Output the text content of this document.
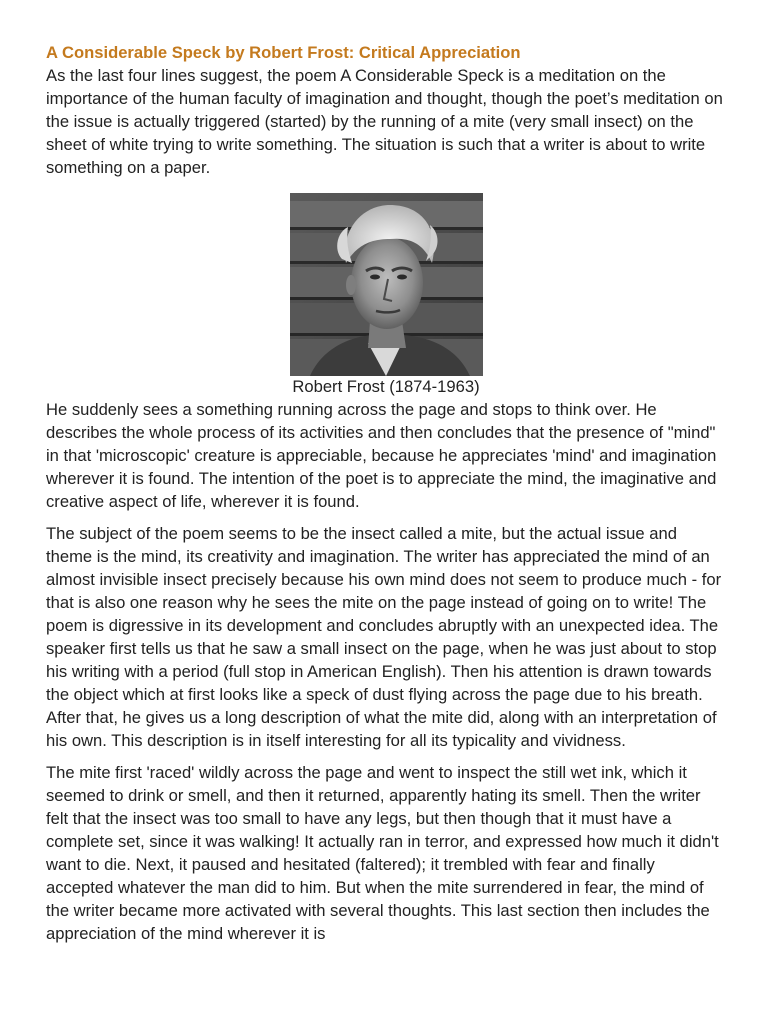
A Considerable Speck by Robert Frost: Critical Appreciation

As the last four lines suggest, the poem A Considerable Speck is a meditation on the importance of the human faculty of imagination and thought, though the poet’s meditation on the issue is actually triggered (started) by the running of a mite (very small insect) on the sheet of white trying to write something. The situation is such that a writer is about to write something on a paper.

Robert Frost (1874-1963)

He suddenly sees a something running across the page and stops to think over. He describes the whole process of its activities and then concludes that the presence of "mind" in that 'microscopic' creature is appreciable, because he appreciates 'mind' and imagination wherever it is found. The intention of the poet is to appreciate the mind, the imaginative and creative aspect of life, wherever it is found.

The subject of the poem seems to be the insect called a mite, but the actual issue and theme is the mind, its creativity and imagination. The writer has appreciated the mind of an almost invisible insect precisely because his own mind does not seem to produce much - for that is also one reason why he sees the mite on the page instead of going on to write! The poem is digressive in its development and concludes abruptly with an unexpected idea. The speaker first tells us that he saw a small insect on the page, when he was just about to stop his writing with a period (full stop in American English). Then his attention is drawn towards the object which at first looks like a speck of dust flying across the page due to his breath. After that, he gives us a long description of what the mite did, along with an interpretation of his own. This description is in itself interesting for all its typicality and vividness.

The mite first 'raced' wildly across the page and went to inspect the still wet ink, which it seemed to drink or smell, and then it returned, apparently hating its smell. Then the writer felt that the insect was too small to have any legs, but then though that it must have a complete set, since it was walking! It actually ran in terror, and expressed how much it didn't want to die. Next, it paused and hesitated (faltered); it trembled with fear and finally accepted whatever the man did to him. But when the mite surrendered in fear, the mind of the writer became more activated with several thoughts. This last section then includes the appreciation of the mind wherever it is
